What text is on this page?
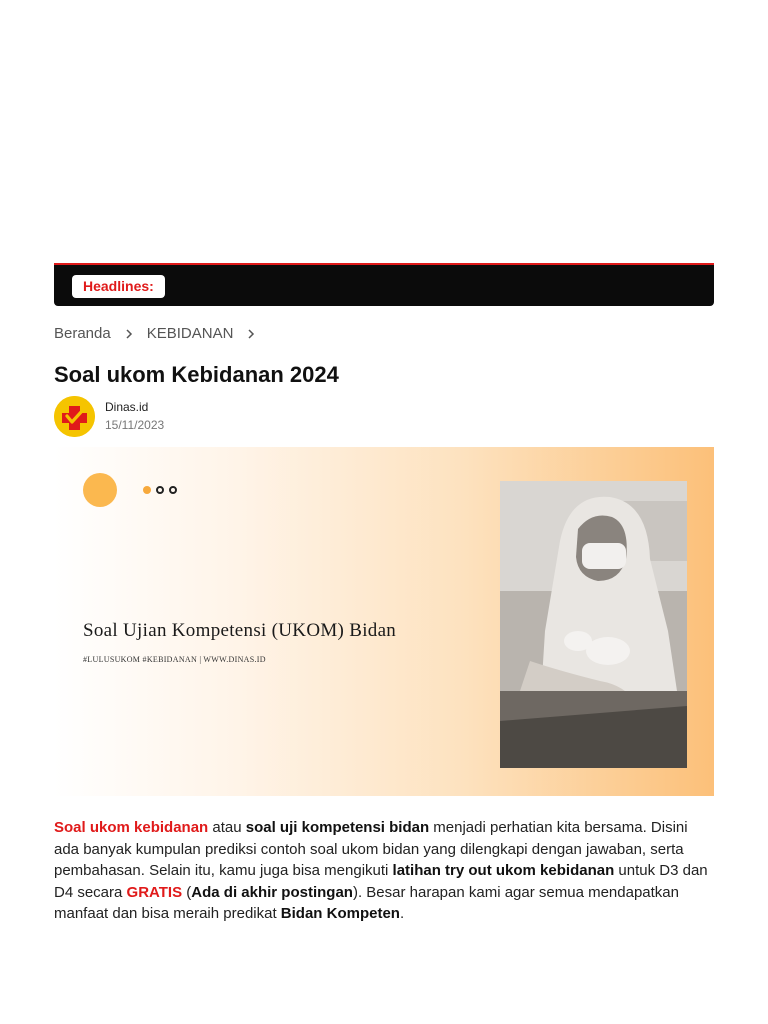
Headlines:
Beranda KEBIDANAN
Soal ukom Kebidanan 2024
Dinas.id
15/11/2023
Soal Ujian Kompetensi (UKOM) Bidan
#LULUSUKOM #KEBIDANAN | WWW.DINAS.ID

Soal ukom kebidanan atau soal uji kompetensi bidan menjadi perhatian kita bersama. Disini ada banyak kumpulan prediksi contoh soal ukom bidan yang dilengkapi dengan jawaban, serta pembahasan. Selain itu, kamu juga bisa mengikuti latihan try out ukom kebidanan untuk D3 dan D4 secara GRATIS (Ada di akhir postingan). Besar harapan kami agar semua mendapatkan manfaat dan bisa meraih predikat Bidan Kompeten.
